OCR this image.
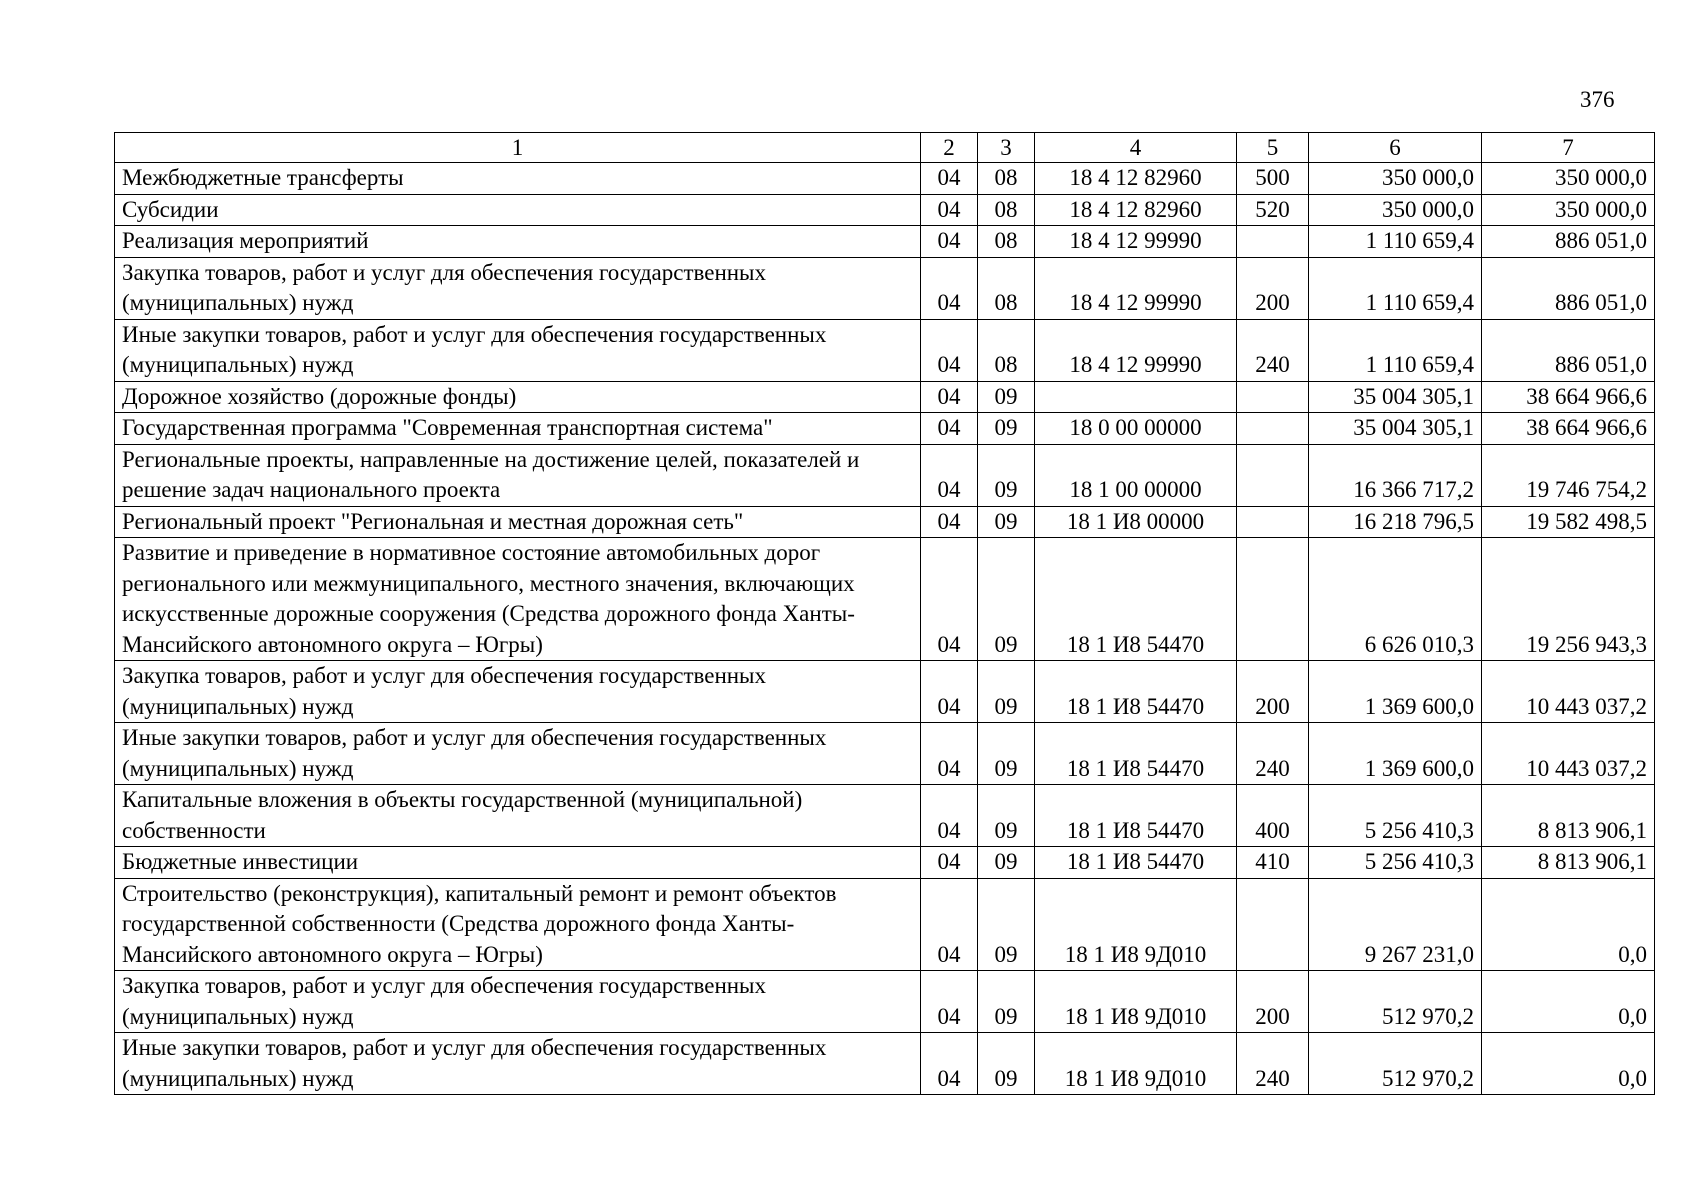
376
1	2	3	4	5	6	7
Межбюджетные трансферты	04	08	18 4 12 82960	500	350 000,0	350 000,0
Субсидии	04	08	18 4 12 82960	520	350 000,0	350 000,0
Реализация мероприятий	04	08	18 4 12 99990		1 110 659,4	886 051,0
Закупка товаров, работ и услуг для обеспечения государственных (муниципальных) нужд	04	08	18 4 12 99990	200	1 110 659,4	886 051,0
Иные закупки товаров, работ и услуг для обеспечения государственных (муниципальных) нужд	04	08	18 4 12 99990	240	1 110 659,4	886 051,0
Дорожное хозяйство (дорожные фонды)	04	09			35 004 305,1	38 664 966,6
Государственная программа "Современная транспортная система"	04	09	18 0 00 00000		35 004 305,1	38 664 966,6
Региональные проекты, направленные на достижение целей, показателей и решение задач национального проекта	04	09	18 1 00 00000		16 366 717,2	19 746 754,2
Региональный проект "Региональная и местная дорожная сеть"	04	09	18 1 И8 00000		16 218 796,5	19 582 498,5
Развитие и приведение в нормативное состояние автомобильных дорог регионального или межмуниципального, местного значения, включающих искусственные дорожные сооружения (Средства дорожного фонда Ханты-Мансийского автономного округа – Югры)	04	09	18 1 И8 54470		6 626 010,3	19 256 943,3
Закупка товаров, работ и услуг для обеспечения государственных (муниципальных) нужд	04	09	18 1 И8 54470	200	1 369 600,0	10 443 037,2
Иные закупки товаров, работ и услуг для обеспечения государственных (муниципальных) нужд	04	09	18 1 И8 54470	240	1 369 600,0	10 443 037,2
Капитальные вложения в объекты государственной (муниципальной) собственности	04	09	18 1 И8 54470	400	5 256 410,3	8 813 906,1
Бюджетные инвестиции	04	09	18 1 И8 54470	410	5 256 410,3	8 813 906,1
Строительство (реконструкция), капитальный ремонт и ремонт объектов государственной собственности (Средства дорожного фонда Ханты-Мансийского автономного округа – Югры)	04	09	18 1 И8 9Д010		9 267 231,0	0,0
Закупка товаров, работ и услуг для обеспечения государственных (муниципальных) нужд	04	09	18 1 И8 9Д010	200	512 970,2	0,0
Иные закупки товаров, работ и услуг для обеспечения государственных (муниципальных) нужд	04	09	18 1 И8 9Д010	240	512 970,2	0,0
